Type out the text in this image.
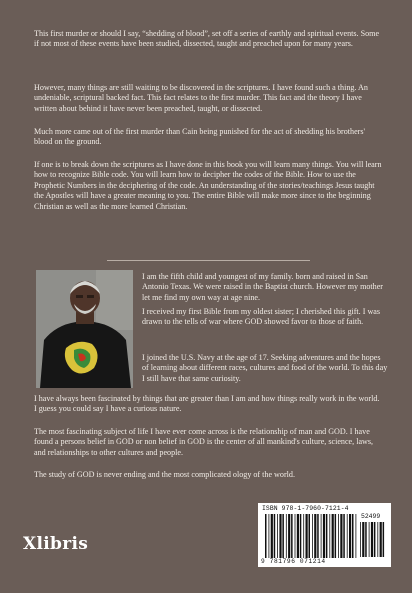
This first murder or should I say, “shedding of blood”, set off a series of earthly and spiritual events. Some if not most of these events have been studied, dissected, taught and preached upon for many years.

However, many things are still waiting to be discovered in the scriptures. I have found such a thing. An undeniable, scriptural backed fact. This fact relates to the first murder. This fact and the theory I have written about behind it have never been preached, taught, or dissected.

Much more came out of the first murder than Cain being punished for the act of shedding his brothers' blood on the ground.

If one is to break down the scriptures as I have done in this book you will learn many things. You will learn how to recognize Bible code. You will learn how to decipher the codes of the Bible. How to use the Prophetic Numbers in the deciphering of the code. An understanding of the stories/teachings Jesus taught the Apostles will have a greater meaning to you. The entire Bible will make more since to the beginning Christian as well as the more learned Christian.

I am the fifth child and youngest of my family. born and raised in San Antonio Texas. We were raised in the Baptist church. However my mother let me find my own way at age nine.

I received my first Bible from my oldest sister; I cherished this gift. I was drawn to the tells of war where GOD showed favor to those of faith.

I joined the U.S. Navy at the age of 17. Seeking adventures and the hopes of learning about different races, cultures and food of the world. To this day I still have that same curiosity.

I have always been fascinated by things that are greater than I am and how things really work in the world. I guess you could say I have a curious nature.

The most fascinating subject of life I have ever come across is the relationship of man and GOD. I have found a persons belief in GOD or non belief in GOD is the center of all mankind's culture, science, laws, and relationships to other cultures and people.

The study of GOD is never ending and the most complicated ology of the world.

Xlibris
ISBN 978-1-7960-7121-4
52499
9 781796 071214
